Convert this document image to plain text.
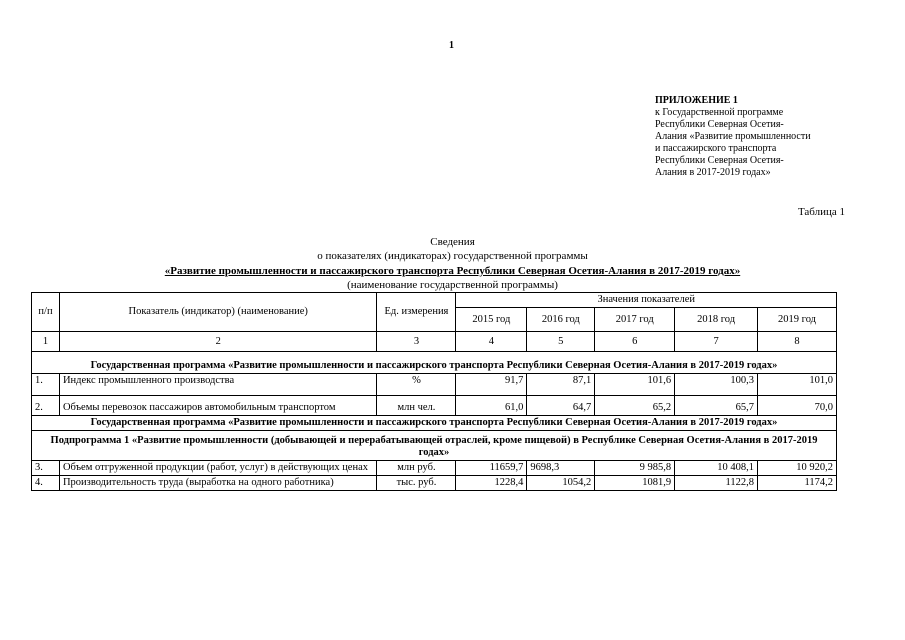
1
ПРИЛОЖЕНИЕ 1
к Государственной программе
Республики Северная Осетия-
Алания «Развитие промышленности
и пассажирского транспорта
Республики Северная Осетия-
Алания в 2017-2019 годах»
Таблица 1
Сведения
о показателях (индикаторах) государственной программы
«Развитие промышленности и пассажирского транспорта Республики Северная Осетия-Алания в 2017-2019 годах»
(наименование государственной программы)
п/п	Показатель (индикатор) (наименование)	Ед. измерения	Значения показателей				
			2015 год	2016 год	2017 год	2018 год	2019 год
1	2	3	4	5	6	7	8
Государственная программа «Развитие промышленности и пассажирского транспорта Республики Северная Осетия-Алания в 2017-2019 годах»							
1.	Индекс промышленного производства	%	91,7	87,1	101,6	100,3	101,0
2.	Объемы перевозок пассажиров автомобильным транспортом	млн чел.	61,0	64,7	65,2	65,7	70,0
Государственная программа «Развитие промышленности и пассажирского транспорта Республики Северная Осетия-Алания в 2017-2019 годах»							
Подпрограмма 1 «Развитие промышленности (добывающей и перерабатывающей отраслей, кроме пищевой) в Республике Северная Осетия-Алания в 2017-2019 годах»							
3.	Объем отгруженной продукции (работ, услуг) в действующих ценах	млн руб.	11659,7	9698,3	9 985,8	10 408,1	10 920,2
4.	Производительность труда (выработка на одного работника)	тыс. руб.	1228,4	1054,2	1081,9	1122,8	1174,2
